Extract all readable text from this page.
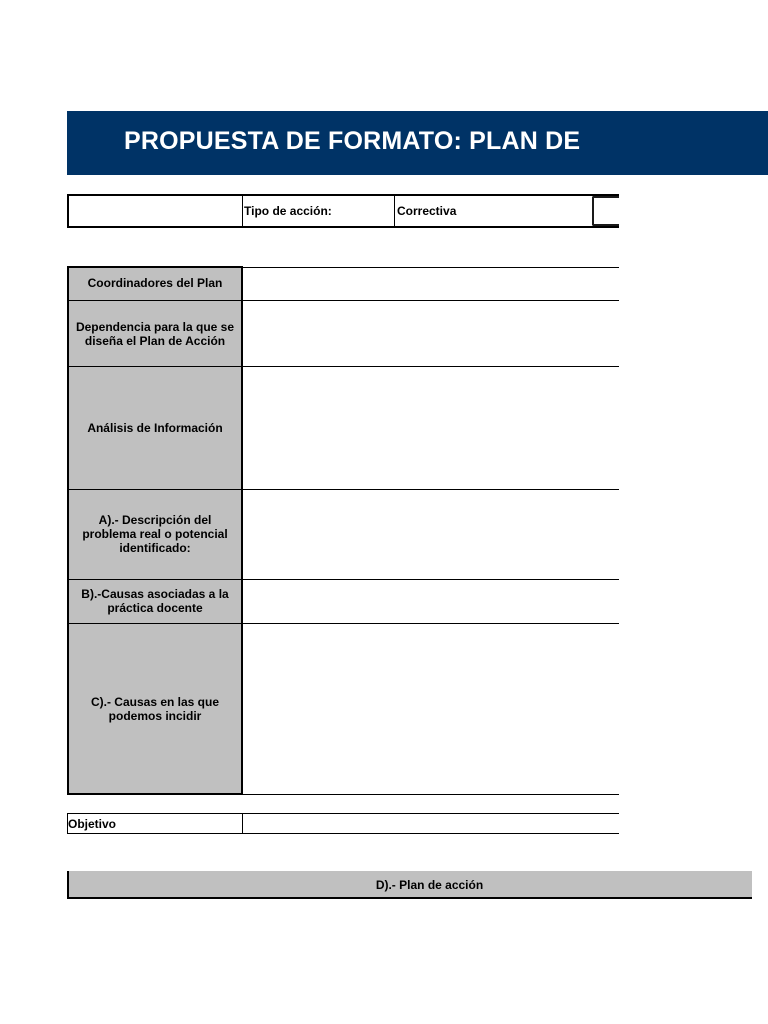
PROPUESTA DE FORMATO: PLAN DE
Tipo de acción:	Correctiva
Coordinadores del Plan
Dependencia para la que se diseña el Plan de Acción
Análisis de Información
A).- Descripción del problema real o potencial identificado:
B).-Causas asociadas a la práctica docente
C).- Causas en las que podemos incidir
Objetivo
D).- Plan de acción
